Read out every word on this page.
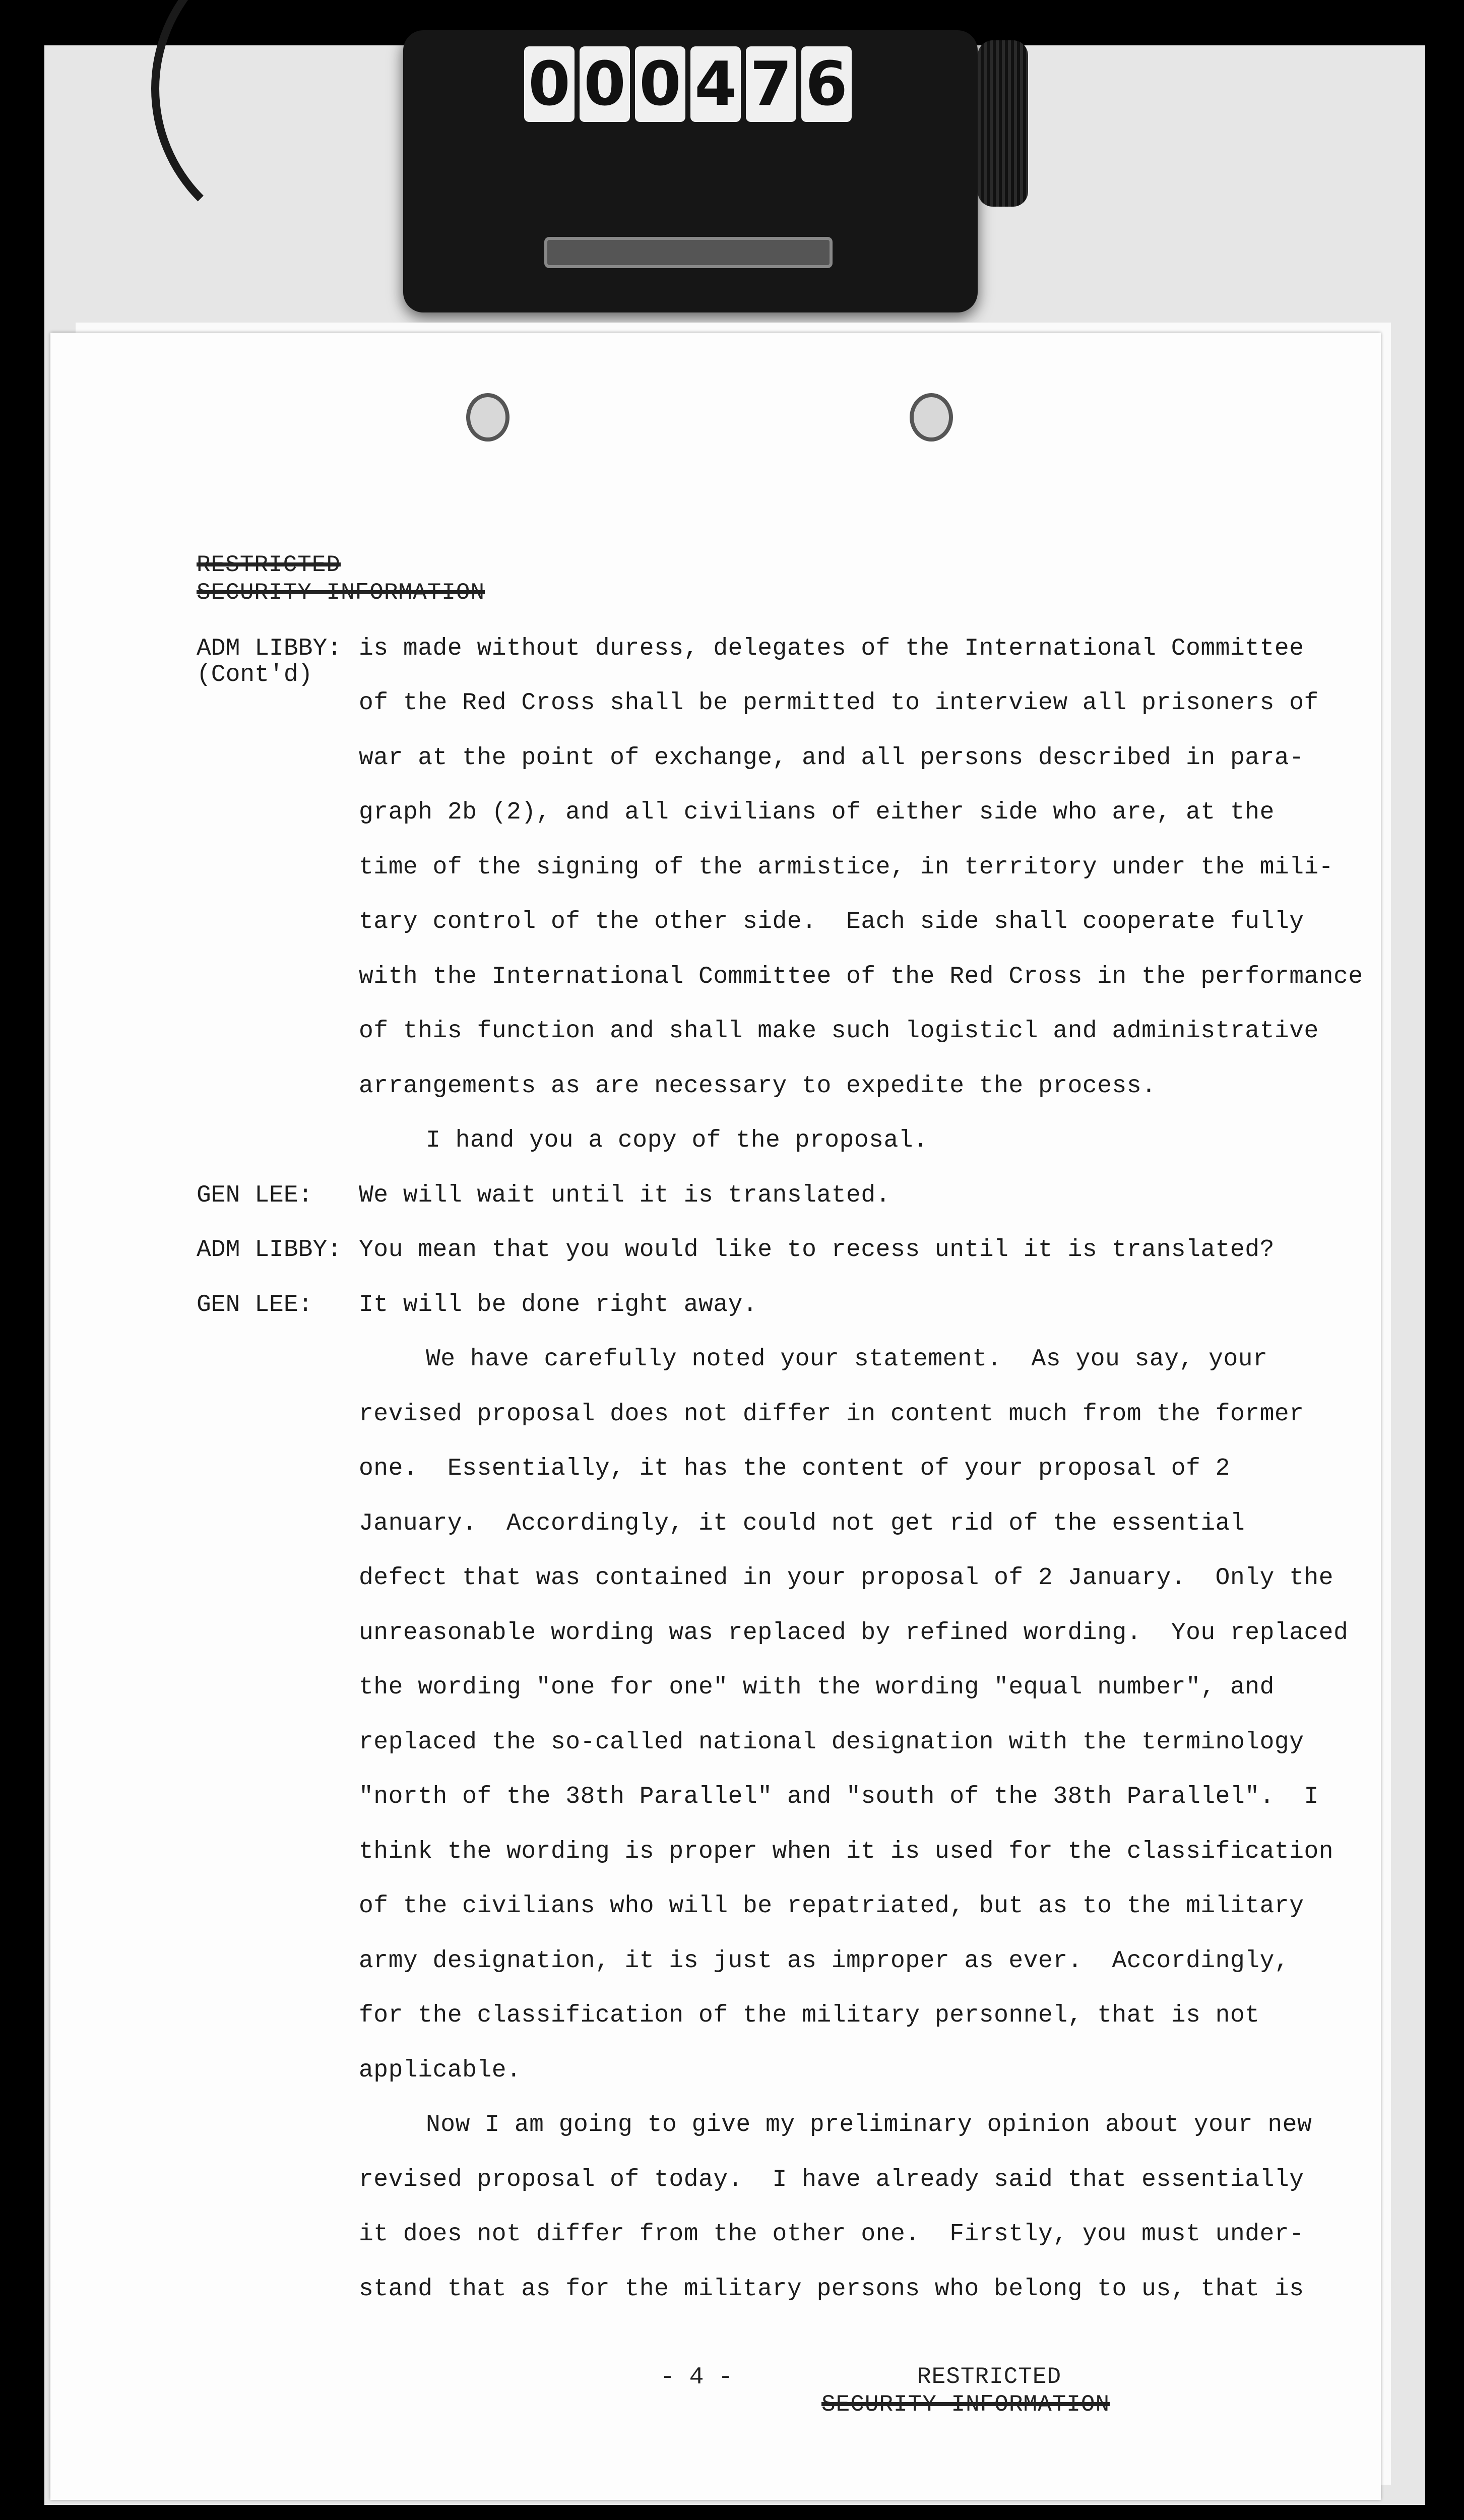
0 0 0 4 7 6
RESTRICTED
SECURITY INFORMATION
ADM LIBBY:
(Cont'd)
is made without duress, delegates of the International Committee
of the Red Cross shall be permitted to interview all prisoners of
war at the point of exchange, and all persons described in para-
graph 2b (2), and all civilians of either side who are, at the
time of the signing of the armistice, in territory under the mili-
tary control of the other side.  Each side shall cooperate fully
with the International Committee of the Red Cross in the performance
of this function and shall make such logisticl and administrative
arrangements as are necessary to expedite the process.
I hand you a copy of the proposal.
GEN LEE: We will wait until it is translated.
ADM LIBBY: You mean that you would like to recess until it is translated?
GEN LEE: It will be done right away.
We have carefully noted your statement.  As you say, your
revised proposal does not differ in content much from the former
one.  Essentially, it has the content of your proposal of 2
January.  Accordingly, it could not get rid of the essential
defect that was contained in your proposal of 2 January.  Only the
unreasonable wording was replaced by refined wording.  You replaced
the wording "one for one" with the wording "equal number", and
replaced the so-called national designation with the terminology
"north of the 38th Parallel" and "south of the 38th Parallel".  I
think the wording is proper when it is used for the classification
of the civilians who will be repatriated, but as to the military
army designation, it is just as improper as ever.  Accordingly,
for the classification of the military personnel, that is not
applicable.
Now I am going to give my preliminary opinion about your new
revised proposal of today.  I have already said that essentially
it does not differ from the other one.  Firstly, you must under-
stand that as for the military persons who belong to us, that is
- 4 -	RESTRICTED
SECURITY INFORMATION
